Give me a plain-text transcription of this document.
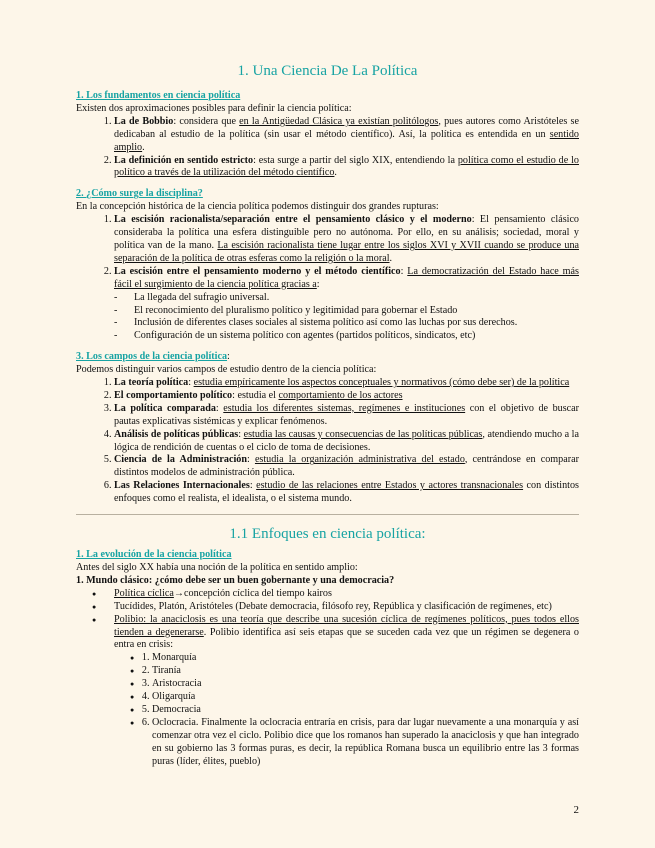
1. Una Ciencia De La Política
1. Los fundamentos en ciencia política

Existen dos aproximaciones posibles para definir la ciencia política:

1. La de Bobbio: considera que en la Antigüedad Clásica ya existían politólogos, pues autores como Aristóteles se dedicaban al estudio de la política (sin usar el método científico). Así, la política es entendida en un sentido amplio.
2. La definición en sentido estricto: esta surge a partir del siglo XIX, entendiendo la política como el estudio de lo político a través de la utilización del método científico.
2. ¿Cómo surge la disciplina?

En la concepción histórica de la ciencia política podemos distinguir dos grandes rupturas:

1. La escisión racionalista/separación entre el pensamiento clásico y el moderno: El pensamiento clásico consideraba la política una esfera distinguible pero no autónoma. Por ello, en su análisis; sociedad, moral y política van de la mano. La escisión racionalista tiene lugar entre los siglos XVI y XVII cuando se produce una separación de la política de otras esferas como la religión o la moral.
2. La escisión entre el pensamiento moderno y el método científico: La democratización del Estado hace más fácil el surgimiento de la ciencia política gracias a:
- La llegada del sufragio universal.
- El reconocimiento del pluralismo político y legitimidad para gobernar el Estado
- Inclusión de diferentes clases sociales al sistema político así como las luchas por sus derechos.
- Configuración de un sistema político con agentes (partidos políticos, sindicatos, etc)
3. Los campos de la ciencia política:

Podemos distinguir varios campos de estudio dentro de la ciencia política:

1. La teoría política: estudia empíricamente los aspectos conceptuales y normativos (cómo debe ser) de la política
2. El comportamiento político: estudia el comportamiento de los actores
3. La política comparada: estudia los diferentes sistemas, regímenes e instituciones con el objetivo de buscar pautas explicativas sistémicas y explicar fenómenos.
4. Análisis de políticas públicas: estudia las causas y consecuencias de las políticas públicas, atendiendo mucho a la lógica de rendición de cuentas o el ciclo de toma de decisiones.
5. Ciencia de la Administración: estudia la organización administrativa del estado, centrándose en comparar distintos modelos de administración pública.
6. Las Relaciones Internacionales: estudio de las relaciones entre Estados y actores transnacionales con distintos enfoques como el realista, el idealista, o el sistema mundo.
1.1 Enfoques en ciencia política:
1. La evolución de la ciencia política

Antes del siglo XX había una noción de la política en sentido amplio:

1. Mundo clásico: ¿cómo debe ser un buen gobernante y una democracia?

● Política cíclica→concepción cíclica del tiempo kairos
● Tucídides, Platón, Aristóteles (Debate democracia, filósofo rey, República y clasificación de regímenes, etc)
● Polibio: la anaciclosis es una teoría que describe una sucesión cíclica de regímenes políticos, pues todos ellos tienden a degenerarse. Polibio identifica así seis etapas que se suceden cada vez que un régimen se degenera o entra en crisis:
● 1. Monarquía
● 2. Tiranía
● 3. Aristocracia
● 4. Oligarquía
● 5. Democracia
● 6. Oclocracia. Finalmente la oclocracia entraría en crisis, para dar lugar nuevamente a una monarquía y así comenzar otra vez el ciclo. Polibio dice que los romanos han superado la anaciclosis y que han integrado en su gobierno las 3 formas puras, es decir, la república Romana busca un equilibrio entre las 3 formas puras (líder, élites, pueblo)
2
